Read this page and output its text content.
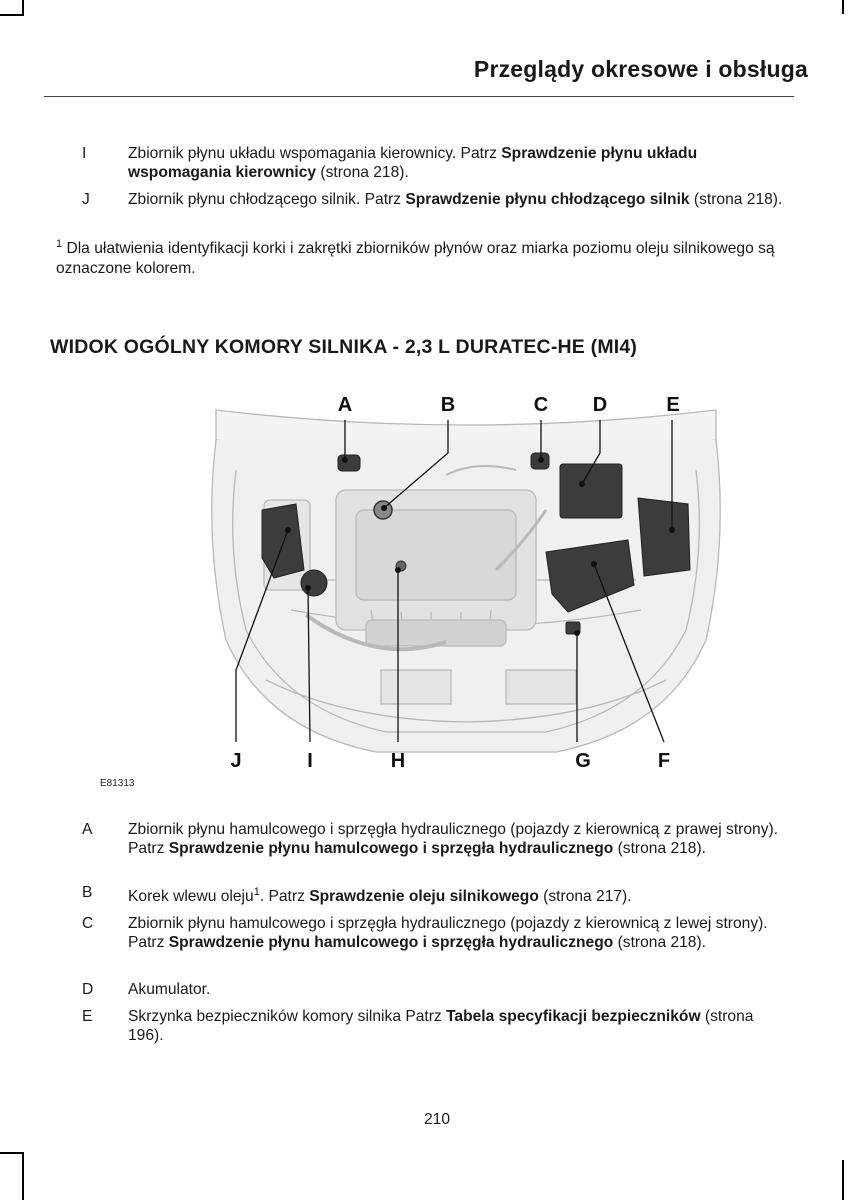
Przeglądy okresowe i obsługa
I	Zbiornik płynu układu wspomagania kierownicy. Patrz Sprawdzenie płynu układu wspomagania kierownicy (strona 218).
J Zbiornik płynu chłodzącego silnik. Patrz Sprawdzenie płynu chłodzącego silnik (strona 218).
$^1$ Dla ułatwienia identyfikacji korki i zakrętki zbiorników płynów oraz miarka poziomu oleju silnikowego są oznaczone kolorem.
WIDOK OGÓLNY KOMORY SILNIKA - 2,3 L DURATEC-HE (MI4)
A	B	C D	E
J	I	H	G	F
E81313
A Zbiornik płynu hamulcowego i sprzęgła hydraulicznego (pojazdy z kierownicą z prawej strony). Patrz Sprawdzenie płynu hamulcowego i sprzęgła hydraulicznego (strona 218).
B Korek wlewu oleju$^1$. Patrz Sprawdzenie oleju silnikowego (strona 217).
C Zbiornik płynu hamulcowego i sprzęgła hydraulicznego (pojazdy z kierownicą z lewej strony). Patrz Sprawdzenie płynu hamulcowego i sprzęgła hydraulicznego (strona 218).
D Akumulator.
E Skrzynka bezpieczników komory silnika Patrz Tabela specyfikacji bezpieczników (strona 196).
210
